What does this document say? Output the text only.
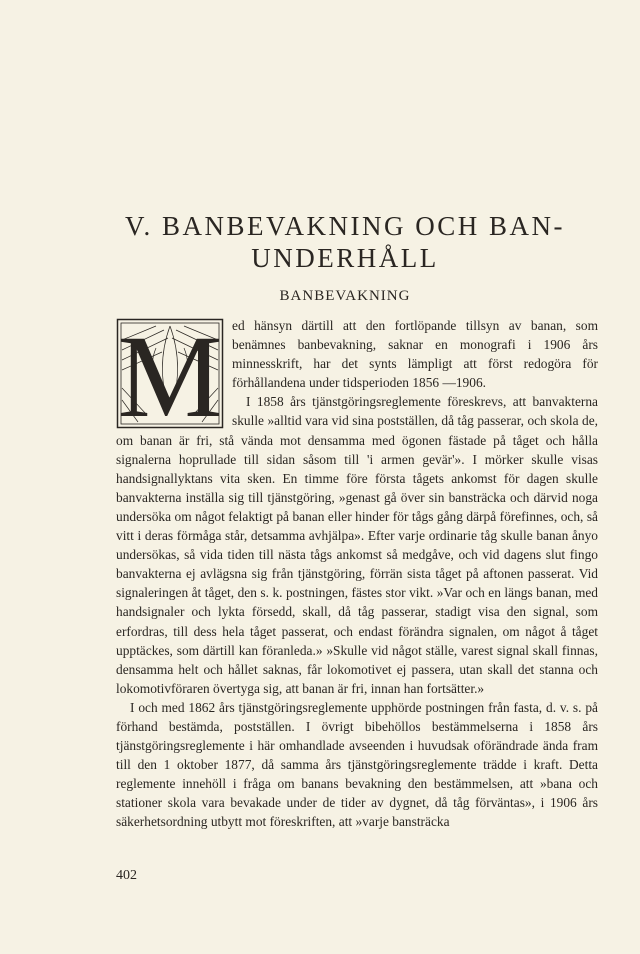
V. BANBEVAKNING OCH BAN-
UNDERHÅLL
BANBEVAKNING
M ed hänsyn därtill att den fortlöpande tillsyn av banan, som benämnes banbevakning, saknar en monografi i 1906 års minnesskrift, har det synts lämpligt att först redogöra för förhållandena under tidsperioden 1856 —1906.

I 1858 års tjänstgöringsreglemente föreskrevs, att banvakterna skulle »alltid vara vid sina postställen, då tåg passerar, och skola de, om banan är fri, stå vända mot densamma med ögonen fästade på tåget och hålla signalerna hoprullade till sidan såsom till 'i armen gevär'». I mörker skulle visas handsignallyktans vita sken. En timme före första tågets ankomst för dagen skulle banvakterna inställa sig till tjänstgöring, »genast gå över sin bansträcka och därvid noga undersöka om något felaktigt på banan eller hinder för tågs gång därpå förefinnes, och, så vitt i deras förmåga står, detsamma avhjälpa». Efter varje ordinarie tåg skulle banan ånyo undersökas, så vida tiden till nästa tågs ankomst så medgåve, och vid dagens slut fingo banvakterna ej avlägsna sig från tjänstgöring, förrän sista tåget på aftonen passerat. Vid signaleringen åt tåget, den s. k. postningen, fästes stor vikt. »Var och en längs banan, med handsignaler och lykta försedd, skall, då tåg passerar, stadigt visa den signal, som erfordras, till dess hela tåget passerat, och endast förändra signalen, om något å tåget upptäckes, som därtill kan föranleda.» »Skulle vid något ställe, varest signal skall finnas, densamma helt och hållet saknas, får lokomotivet ej passera, utan skall det stanna och lokomotivföraren övertyga sig, att banan är fri, innan han fortsätter.»

I och med 1862 års tjänstgöringsreglemente upphörde postningen från fasta, d. v. s. på förhand bestämda, postställen. I övrigt bibehöllos bestämmelserna i 1858 års tjänstgöringsreglemente i här omhandlade avseenden i huvudsak oförändrade ända fram till den 1 oktober 1877, då samma års tjänstgöringsreglemente trädde i kraft. Detta reglemente innehöll i fråga om banans bevakning den bestämmelsen, att »bana och stationer skola vara bevakade under de tider av dygnet, då tåg förväntas», i 1906 års säkerhetsordning utbytt mot föreskriften, att »varje bansträcka

402
